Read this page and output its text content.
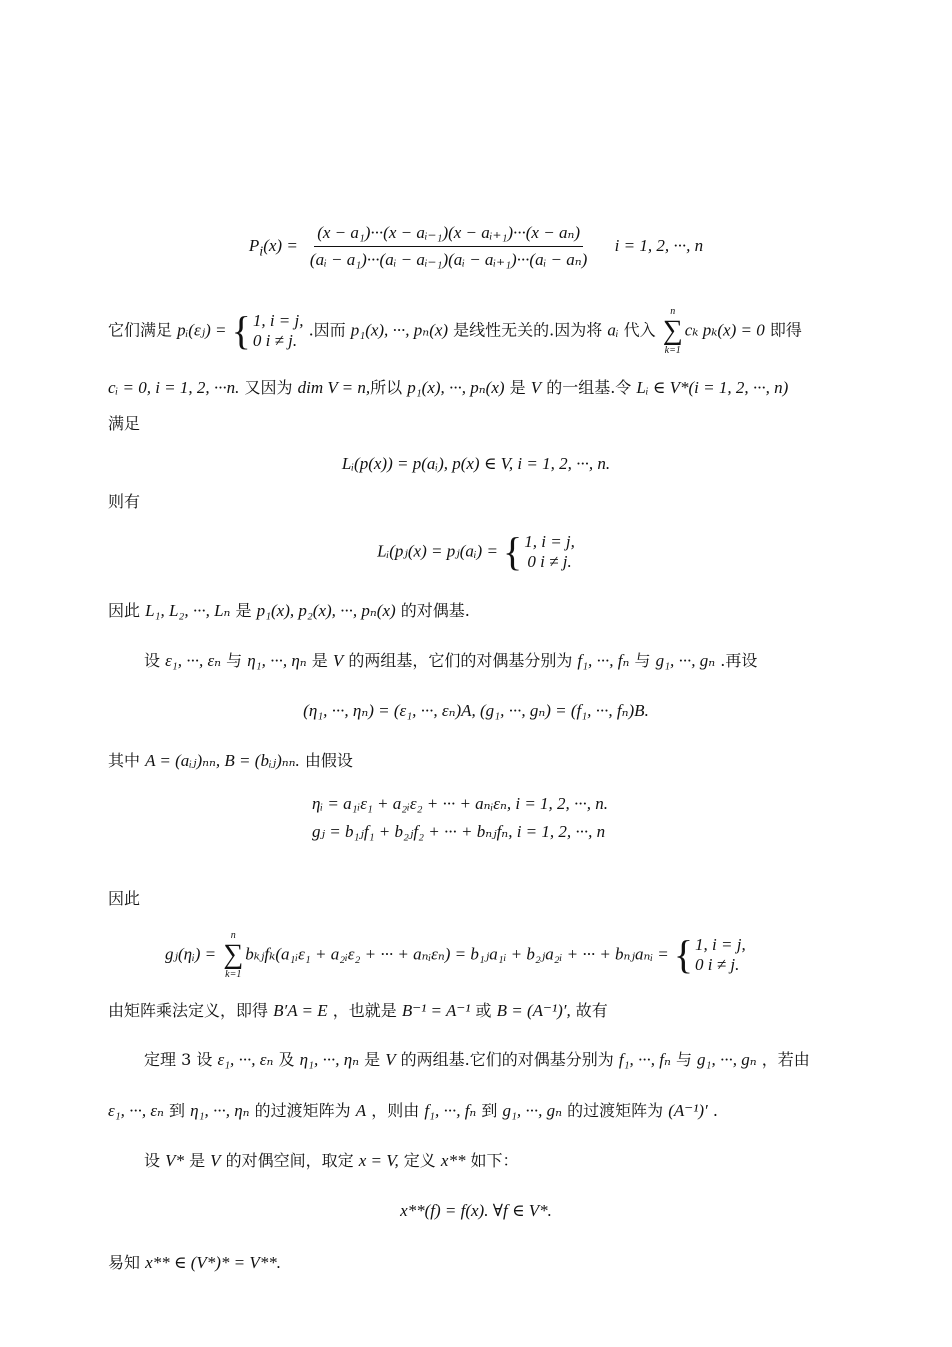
$P_i(x) = \frac{\text{(x − a₁)···(x − aᵢ₋₁)(x − aᵢ₊₁)···(x − aₙ)}}{\text{(aᵢ − a₁)···(aᵢ − aᵢ₋₁)(aᵢ − aᵢ₊₁)···(aᵢ − aₙ)}}$ i = 1, 2, ···, n
它们满足 pᵢ(εⱼ) = { 1, i = j,
0 i ≠ j.
.因而 p₁(x), ···, pₙ(x) 是线性无关的.因为将 aᵢ 代入
n
∑
k=1
cₖ pₖ(x) = 0 即得
cᵢ = 0, i = 1, 2, ···n. 又因为 dim V = n,所以 p₁(x), ···, pₙ(x) 是 V 的一组基.令 Lᵢ ∈ V*(i = 1, 2, ···, n)
满足
Lᵢ(p(x)) = p(aᵢ), p(x) ∈ V, i = 1, 2, ···, n.
则有
Lᵢ(pⱼ(x) = pⱼ(aᵢ) = { 1, i = j,
0 i ≠ j.
因此 L₁, L₂, ···, Lₙ 是 p₁(x), p₂(x), ···, pₙ(x) 的对偶基.
设 ε₁, ···, εₙ 与 η₁, ···, ηₙ 是 V 的两组基，它们的对偶基分别为 f₁, ···, fₙ 与 g₁, ···, gₙ .再设
(η₁, ···, ηₙ) = (ε₁, ···, εₙ)A, (g₁, ···, gₙ) = (f₁, ···, fₙ)B.
其中 A = (aᵢⱼ)ₙₙ, B = (bᵢⱼ)ₙₙ. 由假设
ηᵢ = a₁ᵢε₁ + a₂ᵢε₂ + ··· + aₙᵢεₙ, i = 1, 2, ···, n.
gⱼ = b₁ⱼf₁ + b₂ⱼf₂ + ··· + bₙⱼfₙ, i = 1, 2, ···, n
因此
gⱼ(ηᵢ) =
n
∑
k=1
bₖⱼfₖ(a₁ᵢε₁ + a₂ᵢε₂ + ··· + aₙᵢεₙ) = b₁ⱼa₁ᵢ + b₂ⱼa₂ᵢ + ··· + bₙⱼaₙᵢ = { 1, i = j,
0 i ≠ j.
由矩阵乘法定义，即得 B′A = E ，也就是 B⁻¹ = A⁻¹ 或 B = (A⁻¹)′, 故有
定理 3 设 ε₁, ···, εₙ 及 η₁, ···, ηₙ 是 V 的两组基.它们的对偶基分别为 f₁, ···, fₙ 与 g₁, ···, gₙ ，若由
ε₁, ···, εₙ 到 η₁, ···, ηₙ 的过渡矩阵为 A ，则由 f₁, ···, fₙ 到 g₁, ···, gₙ 的过渡矩阵为 (A⁻¹)′ .
设 V* 是 V 的对偶空间，取定 x = V, 定义 x** 如下：
x**(f) = f(x). ∀f ∈ V*.
易知 x** ∈ (V*)* = V**.
